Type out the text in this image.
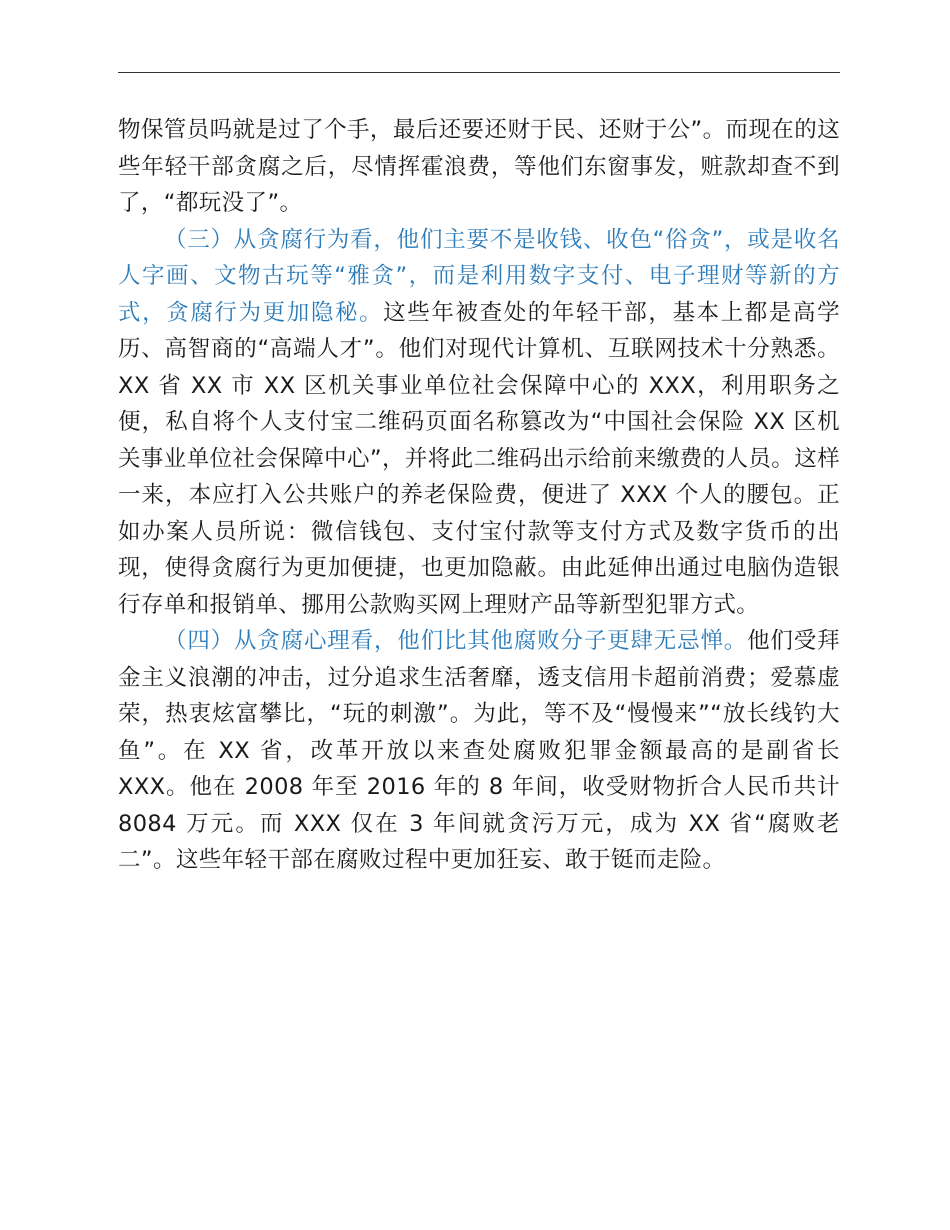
物保管员吗就是过了个手，最后还要还财于民、还财于公”。而现在的这些年轻干部贪腐之后，尽情挥霍浪费，等他们东窗事发，赃款却查不到了，“都玩没了”。

（三）从贪腐行为看，他们主要不是收钱、收色“俗贪”，或是收名人字画、文物古玩等“雅贪”，而是利用数字支付、电子理财等新的方式，贪腐行为更加隐秘。这些年被查处的年轻干部，基本上都是高学历、高智商的“高端人才”。他们对现代计算机、互联网技术十分熟悉。XX 省 XX 市 XX 区机关事业单位社会保障中心的 XXX，利用职务之便，私自将个人支付宝二维码页面名称篡改为“中国社会保险 XX 区机关事业单位社会保障中心”，并将此二维码出示给前来缴费的人员。这样一来，本应打入公共账户的养老保险费，便进了 XXX 个人的腰包。正如办案人员所说：微信钱包、支付宝付款等支付方式及数字货币的出现，使得贪腐行为更加便捷，也更加隐蔽。由此延伸出通过电脑伪造银行存单和报销单、挪用公款购买网上理财产品等新型犯罪方式。

（四）从贪腐心理看，他们比其他腐败分子更肆无忌惮。他们受拜金主义浪潮的冲击，过分追求生活奢靡，透支信用卡超前消费；爱慕虚荣，热衷炫富攀比，“玩的刺激”。为此，等不及“慢慢来”“放长线钓大鱼”。在 XX 省，改革开放以来查处腐败犯罪金额最高的是副省长 XXX。他在 2008 年至 2016 年的 8 年间，收受财物折合人民币共计 8084 万元。而 XXX 仅在 3 年间就贪污万元，成为 XX 省“腐败老二”。这些年轻干部在腐败过程中更加狂妄、敢于铤而走险。
